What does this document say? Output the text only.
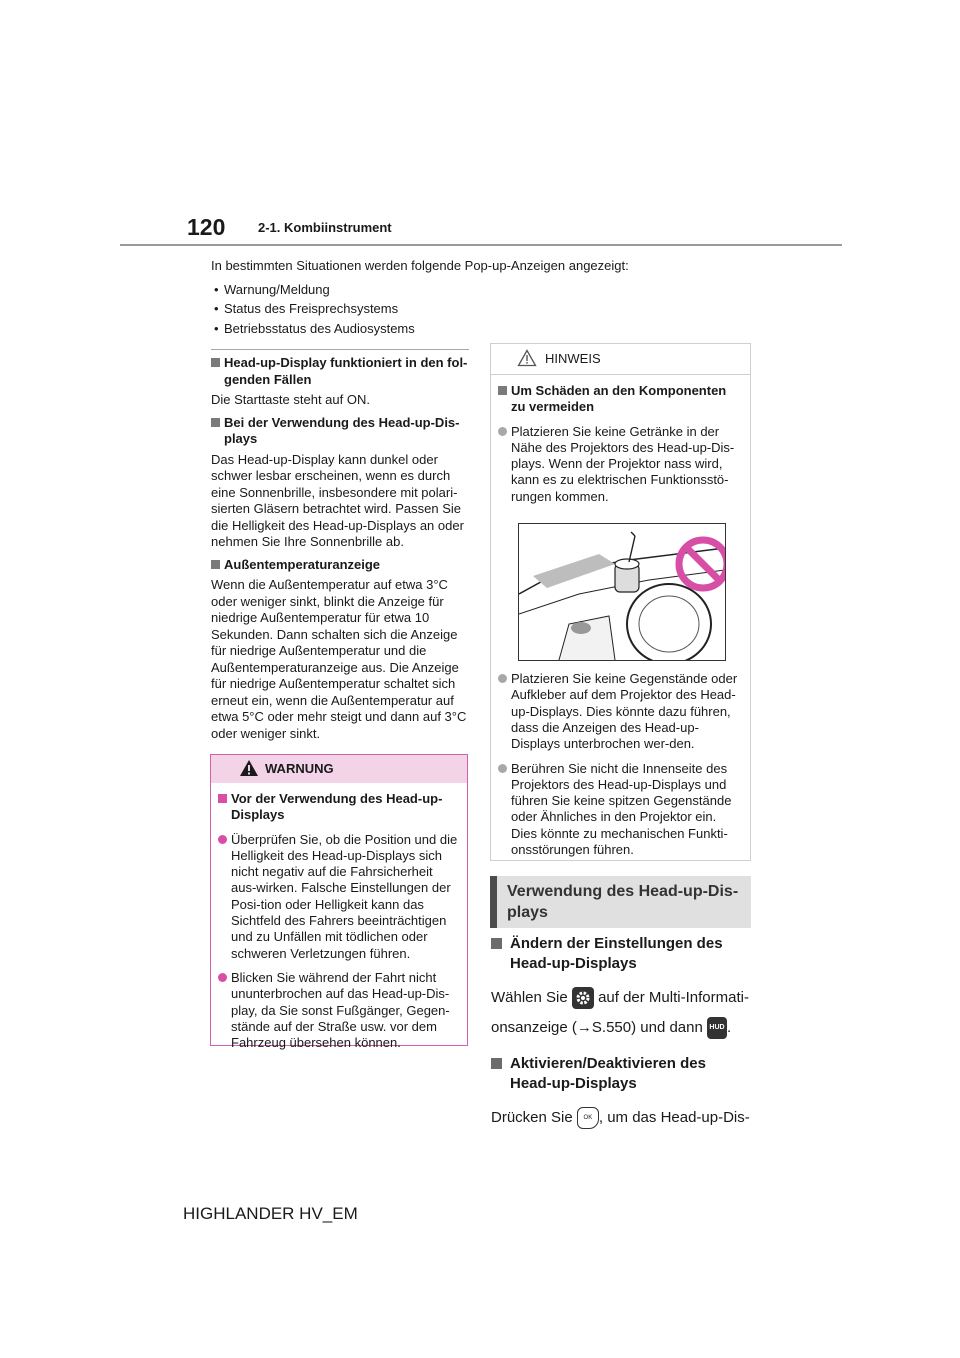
120	2-1. Kombiinstrument

In bestimmten Situationen werden folgende Pop-up-Anzeigen angezeigt:

• Warnung/Meldung
• Status des Freisprechsystems
• Betriebsstatus des Audiosystems
Head-up-Display funktioniert in den fol-genden Fällen
Die Starttaste steht auf ON.
Bei der Verwendung des Head-up-Dis-plays
Das Head-up-Display kann dunkel oder schwer lesbar erscheinen, wenn es durch eine Sonnenbrille, insbesondere mit polari-sierten Gläsern betrachtet wird. Passen Sie die Helligkeit des Head-up-Displays an oder nehmen Sie Ihre Sonnenbrille ab.
Außentemperaturanzeige
Wenn die Außentemperatur auf etwa 3°C oder weniger sinkt, blinkt die Anzeige für niedrige Außentemperatur für etwa 10 Sekunden. Dann schalten sich die Anzeige für niedrige Außentemperatur und die Außentemperaturanzeige aus. Die Anzeige für niedrige Außentemperatur schaltet sich erneut ein, wenn die Außentemperatur auf etwa 5°C oder mehr steigt und dann auf 3°C oder weniger sinkt.
WARNUNG
Vor der Verwendung des Head-up-Displays
Überprüfen Sie, ob die Position und die Helligkeit des Head-up-Displays sich nicht negativ auf die Fahrsicherheit aus-wirken. Falsche Einstellungen der Posi-tion oder Helligkeit kann das Sichtfeld des Fahrers beeinträchtigen und zu Unfällen mit tödlichen oder schweren Verletzungen führen.
Blicken Sie während der Fahrt nicht ununterbrochen auf das Head-up-Dis-play, da Sie sonst Fußgänger, Gegen-stände auf der Straße usw. vor dem Fahrzeug übersehen können.
HINWEIS
Um Schäden an den Komponenten zu vermeiden
Platzieren Sie keine Getränke in der Nähe des Projektors des Head-up-Dis-plays. Wenn der Projektor nass wird, kann es zu elektrischen Funktionsstö-rungen kommen.
Platzieren Sie keine Gegenstände oder Aufkleber auf dem Projektor des Head-up-Displays. Dies könnte dazu führen, dass die Anzeigen des Head-up-Displays unterbrochen wer-den.
Berühren Sie nicht die Innenseite des Projektors des Head-up-Displays und führen Sie keine spitzen Gegenstände oder Ähnliches in den Projektor ein. Dies könnte zu mechanischen Funkti-onsstörungen führen.
Verwendung des Head-up-Dis-plays
Ändern der Einstellungen des Head-up-Displays
Wählen Sie auf der Multi-Informati-onsanzeige (→S.550) und dann HUD .
Aktivieren/Deaktivieren des Head-up-Displays
Drücken Sie OK , um das Head-up-Dis-
HIGHLANDER HV_EM
